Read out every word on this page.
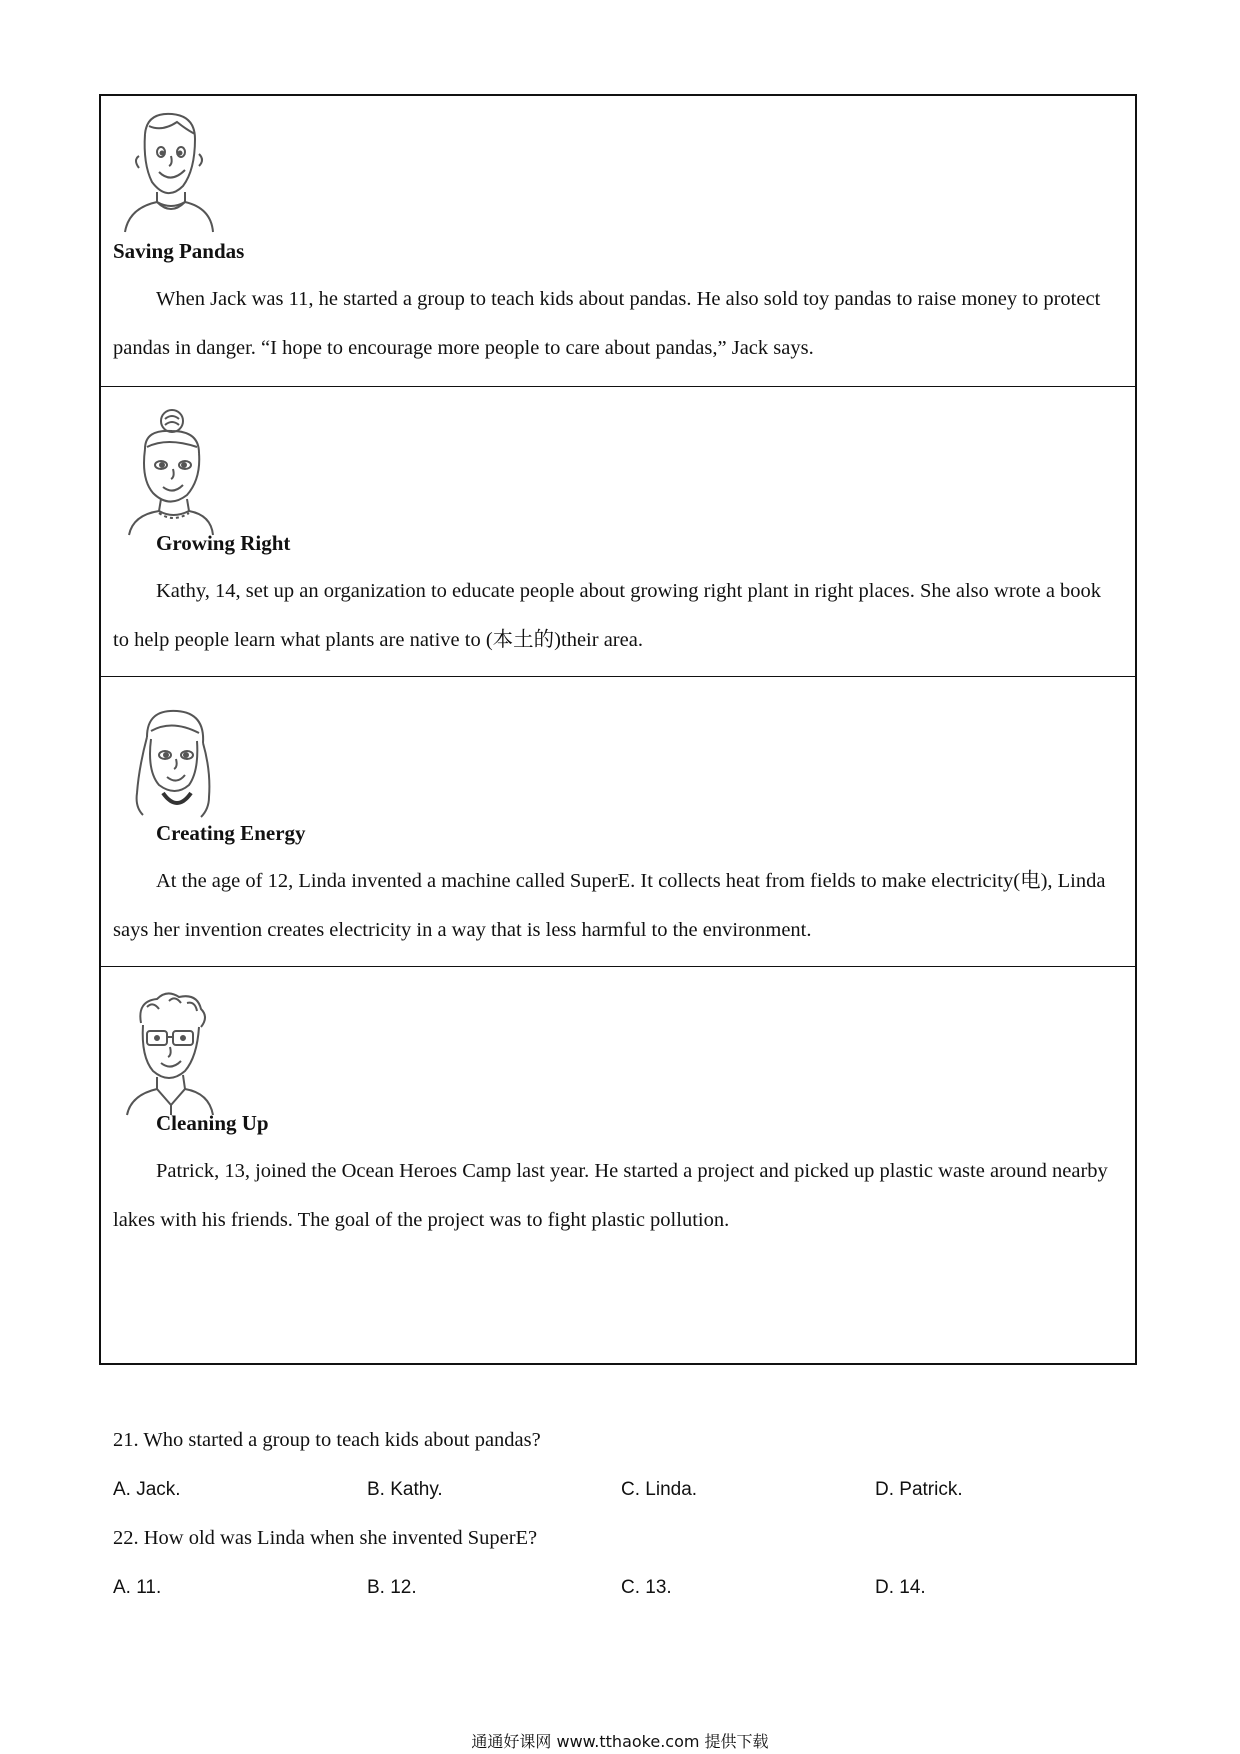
Saving Pandas
When Jack was 11, he started a group to teach kids about pandas. He also sold toy pandas to raise money to protect pandas in danger. “I hope to encourage more people to care about pandas,” Jack says.
Growing Right
Kathy, 14, set up an organization to educate people about growing right plant in right places. She also wrote a book to help people learn what plants are native to (本土的)their area.
Creating Energy
At the age of 12, Linda invented a machine called SuperE. It collects heat from fields to make electricity(电), Linda says her invention creates electricity in a way that is less harmful to the environment.
Cleaning Up
Patrick, 13, joined the Ocean Heroes Camp last year. He started a project and picked up plastic waste around nearby lakes with his friends. The goal of the project was to fight plastic pollution.
21. Who started a group to teach kids about pandas?
A. Jack.	B. Kathy.	C. Linda.	D. Patrick.
22. How old was Linda when she invented SuperE?
A. 11.	B. 12.	C. 13.	D. 14.
通通好课网 www.tthaoke.com 提供下载
